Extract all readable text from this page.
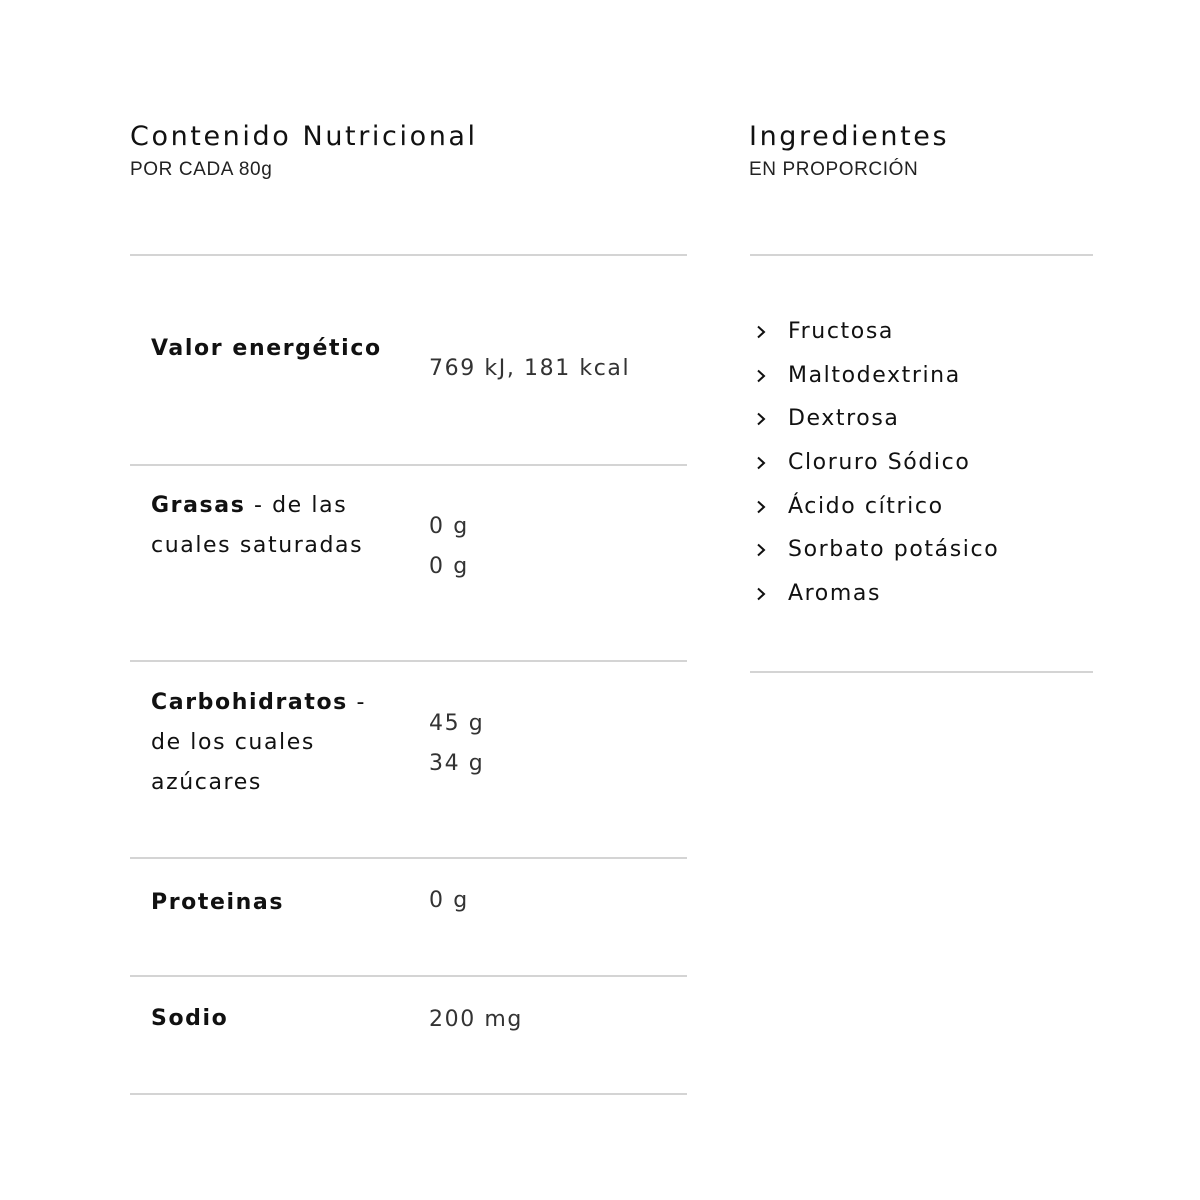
Contenido Nutricional

POR CADA 80g

Valor energético
769 kJ, 181 kcal
Grasas - de las cuales saturadas
0 g
0 g
Carbohidratos - de los cuales azúcares
45 g
34 g
Proteinas	0 g
Sodio	200 mg
Ingredientes

EN PROPORCIÓN

Fructosa
Maltodextrina
Dextrosa
Cloruro Sódico
Ácido cítrico
Sorbato potásico
Aromas
